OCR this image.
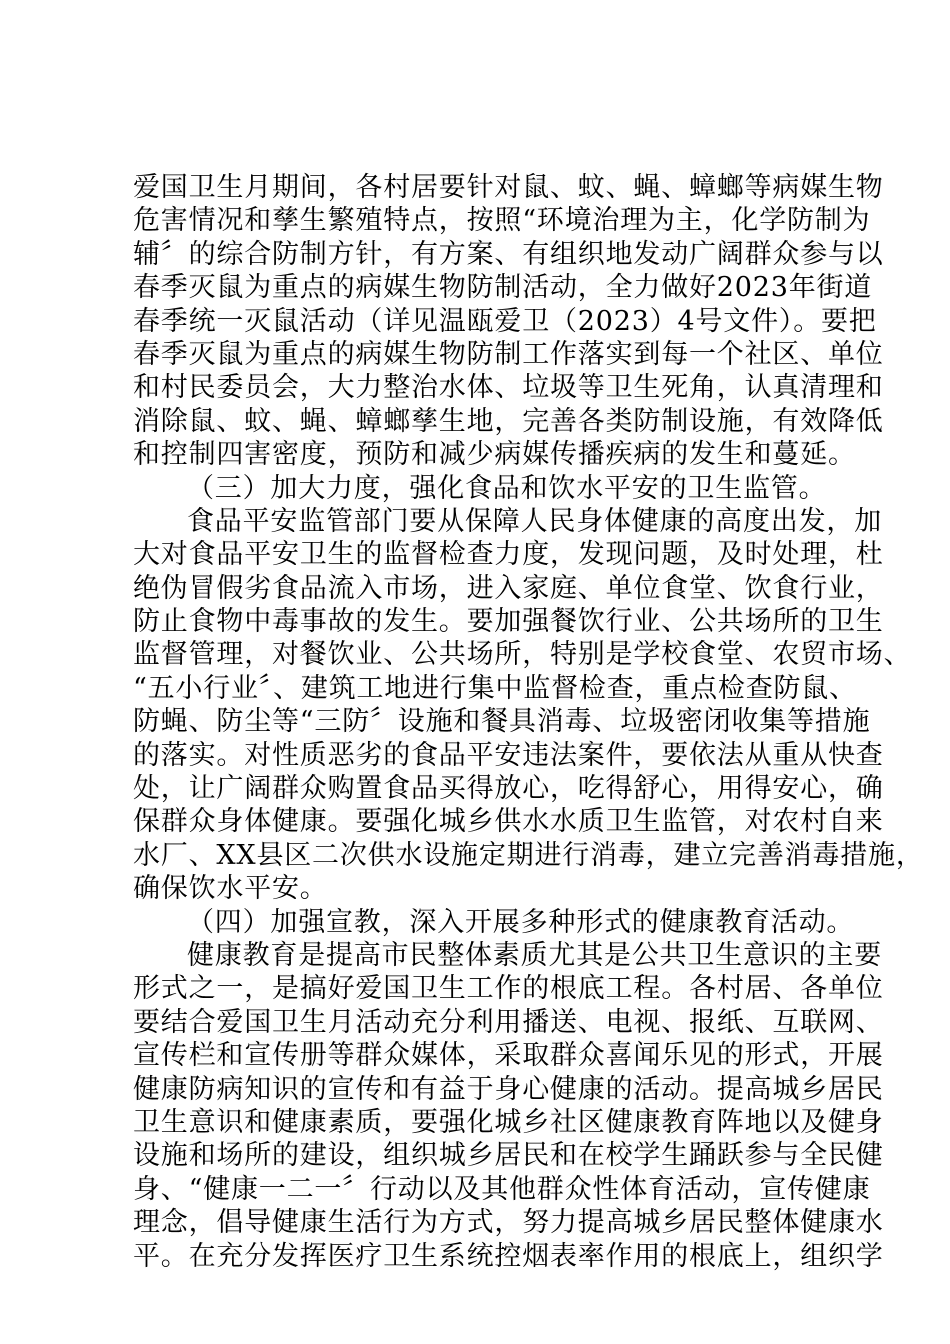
爱国卫生月期间，各村居要针对鼠、蚊、蝇、蟑螂等病媒生物
危害情况和孳生繁殖特点，按照“环境治理为主，化学防制为
辅〞的综合防制方针，有方案、有组织地发动广阔群众参与以
春季灭鼠为重点的病媒生物防制活动，全力做好2023年街道
春季统一灭鼠活动（详见温瓯爱卫（2023）4号文件）。要把
春季灭鼠为重点的病媒生物防制工作落实到每一个社区、单位
和村民委员会，大力整治水体、垃圾等卫生死角，认真清理和
消除鼠、蚊、蝇、蟑螂孳生地，完善各类防制设施，有效降低
和控制四害密度，预防和减少病媒传播疾病的发生和蔓延。
（三）加大力度，强化食品和饮水平安的卫生监管。
食品平安监管部门要从保障人民身体健康的高度出发，加
大对食品平安卫生的监督检查力度，发现问题，及时处理，杜
绝伪冒假劣食品流入市场，进入家庭、单位食堂、饮食行业，
防止食物中毒事故的发生。要加强餐饮行业、公共场所的卫生
监督管理，对餐饮业、公共场所，特别是学校食堂、农贸市场、
“五小行业〞、建筑工地进行集中监督检查，重点检查防鼠、
防蝇、防尘等“三防〞设施和餐具消毒、垃圾密闭收集等措施
的落实。对性质恶劣的食品平安违法案件，要依法从重从快查
处，让广阔群众购置食品买得放心，吃得舒心，用得安心，确
保群众身体健康。要强化城乡供水水质卫生监管，对农村自来
水厂、XX县区二次供水设施定期进行消毒，建立完善消毒措施，
确保饮水平安。
（四）加强宣教，深入开展多种形式的健康教育活动。
健康教育是提高市民整体素质尤其是公共卫生意识的主要
形式之一，是搞好爱国卫生工作的根底工程。各村居、各单位
要结合爱国卫生月活动充分利用播送、电视、报纸、互联网、
宣传栏和宣传册等群众媒体，采取群众喜闻乐见的形式，开展
健康防病知识的宣传和有益于身心健康的活动。提高城乡居民
卫生意识和健康素质，要强化城乡社区健康教育阵地以及健身
设施和场所的建设，组织城乡居民和在校学生踊跃参与全民健
身、“健康一二一〞行动以及其他群众性体育活动，宣传健康
理念，倡导健康生活行为方式，努力提高城乡居民整体健康水
平。在充分发挥医疗卫生系统控烟表率作用的根底上，组织学
